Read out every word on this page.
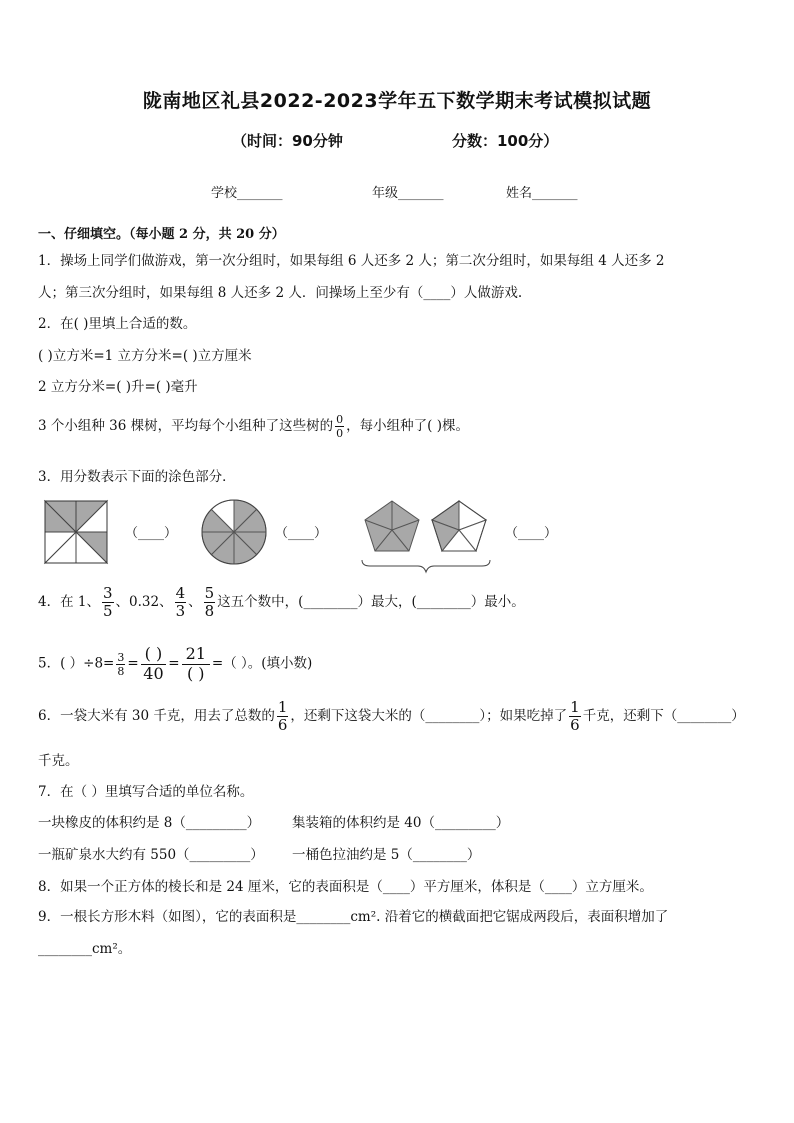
陇南地区礼县2022-2023学年五下数学期末考试模拟试题
（时间：90分钟	分数：100分）
学校_______	年级_______	姓名_______
一、仔细填空。（每小题 2 分，共 20 分）
1．操场上同学们做游戏，第一次分组时，如果每组 6 人还多 2 人；第二次分组时，如果每组 4 人还多 2
人；第三次分组时，如果每组 8 人还多 2 人．问操场上至少有（____）人做游戏.
2．在( )里填上合适的数。
( )立方米=1 立方分米=( )立方厘米
2 立方分米=( )升=( )毫升
3 个小组种 36 棵树，平均每个小组种了这些树的 $\frac{0}{0}$ ，每小组种了( )棵。
3．用分数表示下面的涂色部分．
（____）	（____）	（____）
4．在 1、 $\frac{3}{5}$ 、0.32、 $\frac{4}{3}$ 、 $\frac{5}{8}$ 这五个数中，(________）最大，(________）最小。
5．( ）$\div 8= \frac{3}{8} = \frac{( )}{40} = \frac{21}{( )}$ =（ ）。(填小数)
6．一袋大米有 30 千克，用去了总数的 $\frac{1}{6}$ ，还剩下这袋大米的（________）；如果吃掉了 $\frac{1}{6}$ 千克，还剩下（________）
千克。
7．在（ ）里填写合适的单位名称。
一块橡皮的体积约是 8（_________） 集装箱的体积约是 40（_________）
一瓶矿泉水大约有 550（_________） 一桶色拉油约是 5（________）
8．如果一个正方体的棱长和是 24 厘米，它的表面积是（____）平方厘米，体积是（____）立方厘米。
9．一根长方形木料（如图），它的表面积是________cm². 沿着它的横截面把它锯成两段后，表面积增加了
________cm²。
